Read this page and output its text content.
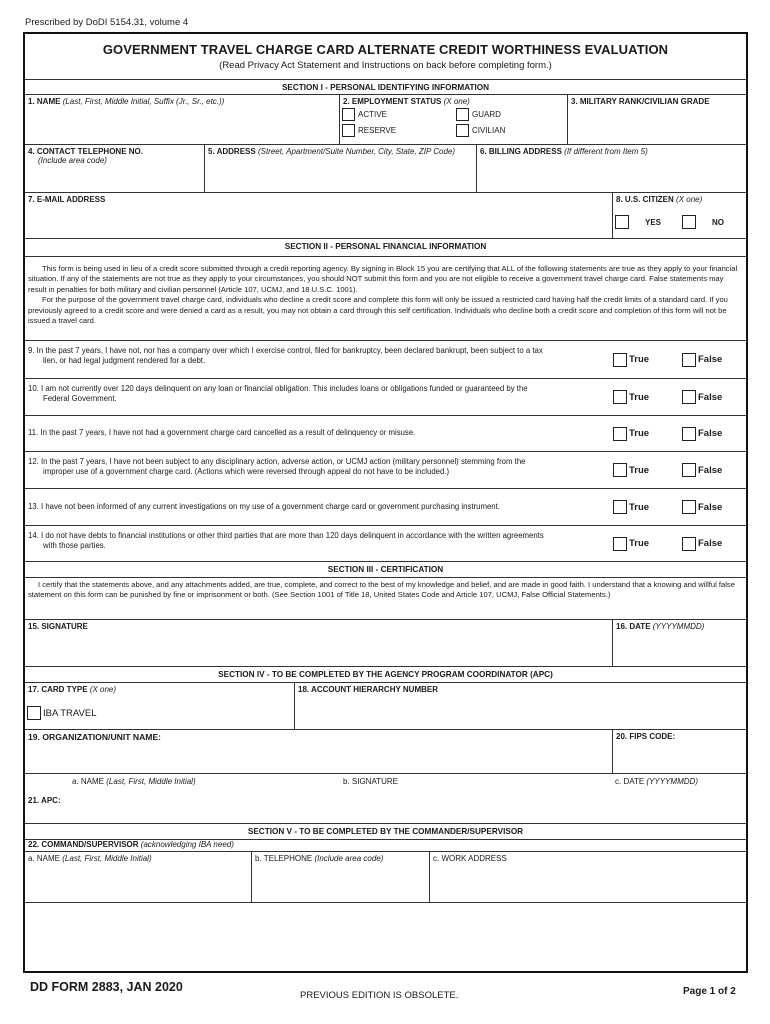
Prescribed by DoDI 5154.31, volume 4
GOVERNMENT TRAVEL CHARGE CARD ALTERNATE CREDIT WORTHINESS EVALUATION
(Read Privacy Act Statement and Instructions on back before completing form.)
SECTION I - PERSONAL IDENTIFYING INFORMATION
1. NAME (Last, First, Middle Initial, Suffix (Jr., Sr., etc.))	2. EMPLOYMENT STATUS (X one)
ACTIVE	GUARD
RESERVE	CIVILIAN
3. MILITARY RANK/CIVILIAN GRADE
4. CONTACT TELEPHONE NO.
(Include area code)
5. ADDRESS (Street, Apartment/Suite Number, City, State, ZIP Code)	6. BILLING ADDRESS (If different from Item 5)
7. E-MAIL ADDRESS	8. U.S. CITIZEN (X one)
YES	NO
SECTION II - PERSONAL FINANCIAL INFORMATION
This form is being used in lieu of a credit score submitted through a credit reporting agency. By signing in Block 15 you are certifying that ALL of the following statements are true as they apply to your financial situation. If any of the statements are not true as they apply to your circumstances, you should NOT submit this form and you are not eligible to receive a government travel charge card. False statements may result in penalties for both military and civilian personnel (Article 107, UCMJ, and 18 U.S.C. 1001).
For the purpose of the government travel charge card, individuals who decline a credit score and complete this form will only be issued a restricted card having half the credit limits of a standard card. If you previously agreed to a credit score and were denied a card as a result, you may not obtain a card through this self certification. Individuals who decline both a credit score and completion of this form will not be issued a travel card.
9. In the past 7 years, I have not, nor has a company over which I exercise control, filed for bankruptcy, been declared bankrupt, been subject to a tax
lien, or had legal judgment rendered for a debt.	True	False
10. I am not currently over 120 days delinquent on any loan or financial obligation. This includes loans or obligations funded or guaranteed by the
Federal Government.	True	False
11. In the past 7 years, I have not had a government charge card cancelled as a result of delinquency or misuse.	True	False
12. In the past 7 years, I have not been subject to any disciplinary action, adverse action, or UCMJ action (military personnel) stemming from the
improper use of a government charge card. (Actions which were reversed through appeal do not have to be included.)	True	False
13. I have not been informed of any current investigations on my use of a government charge card or government purchasing instrument.	True	False
14. I do not have debts to financial institutions or other third parties that are more than 120 days delinquent in accordance with the written agreements
with those parties.	True	False
SECTION III - CERTIFICATION
I certify that the statements above, and any attachments added, are true, complete, and correct to the best of my knowledge and belief, and are made in good faith. I understand that a knowing and willful false statement on this form can be punished by fine or imprisonment or both. (See Section 1001 of Title 18, United States Code and Article 107, UCMJ, False Official Statements.)
15. SIGNATURE	16. DATE (YYYYMMDD)
SECTION IV - TO BE COMPLETED BY THE AGENCY PROGRAM COORDINATOR (APC)
17. CARD TYPE (X one)
IBA TRAVEL
18. ACCOUNT HIERARCHY NUMBER
19. ORGANIZATION/UNIT NAME:	20. FIPS CODE:
a. NAME (Last, First, Middle Initial)	b. SIGNATURE	c. DATE (YYYYMMDD)
21. APC:
SECTION V - TO BE COMPLETED BY THE COMMANDER/SUPERVISOR
22. COMMAND/SUPERVISOR (acknowledging IBA need)
a. NAME (Last, First, Middle Initial)	b. TELEPHONE (Include area code)	c. WORK ADDRESS
DD FORM 2883, JAN 2020
PREVIOUS EDITION IS OBSOLETE.	Page 1 of 2
